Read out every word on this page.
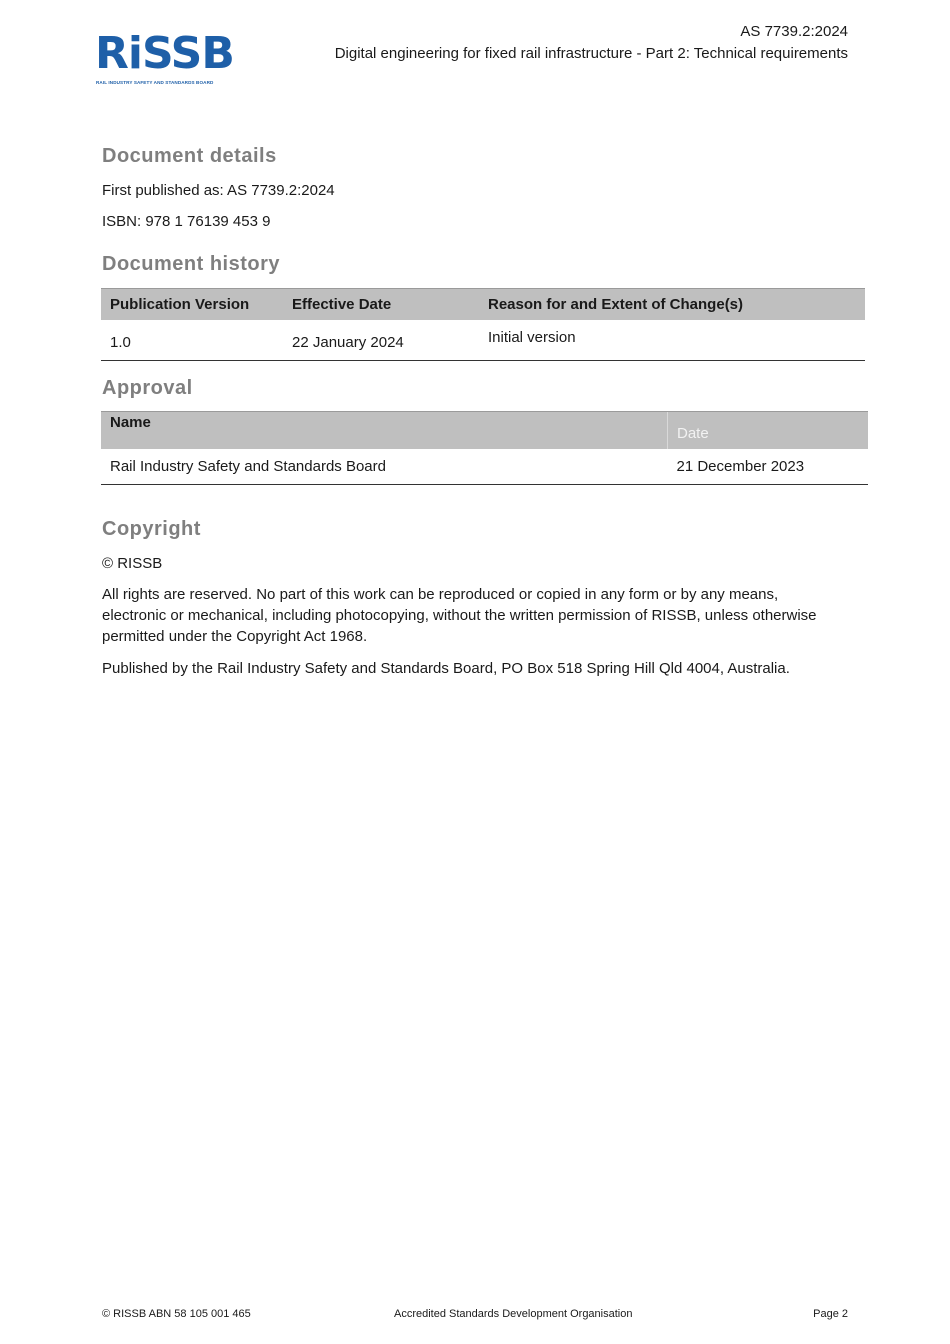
RiSSB
RAIL INDUSTRY SAFETY AND STANDARDS BOARD
AS 7739.2:2024
Digital engineering for fixed rail infrastructure - Part 2: Technical requirements
Document details
First published as: AS 7739.2:2024
ISBN: 978 1 76139 453 9
Document history
Publication Version	Effective Date	Reason for and Extent of Change(s)
1.0	22 January 2024	Initial version
Approval
Name	Date
Rail Industry Safety and Standards Board	21 December 2023
Copyright
© RISSB
All rights are reserved. No part of this work can be reproduced or copied in any form or by any means, electronic or mechanical, including photocopying, without the written permission of RISSB, unless otherwise permitted under the Copyright Act 1968.
Published by the Rail Industry Safety and Standards Board, PO Box 518 Spring Hill Qld 4004, Australia.
© RISSB ABN 58 105 001 465	Accredited Standards Development Organisation	Page 2
